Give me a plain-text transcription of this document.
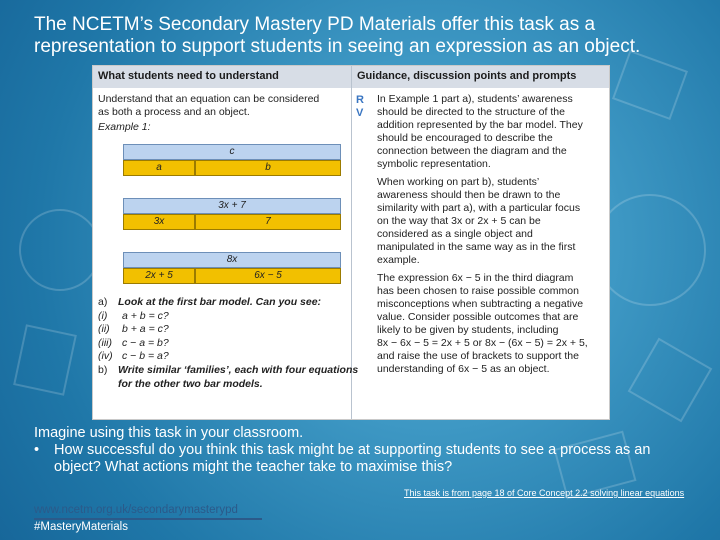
The NCETM’s Secondary Mastery PD Materials offer this task as a
representation to support students in seeing an expression as an object.
What students need to understand	Guidance, discussion points and prompts
Understand that an equation can be considered
as both a process and an object.
Example 1:
c
a	b
3x + 7
3x	7
8x
2x + 5	6x − 5
a) Look at the first bar model. Can you see:
(i) a + b = c?
(ii) b + a = c?
(iii) c − a = b?
(iv) c − b = a?
b) Write similar ‘families’, each with four equations
for the other two bar models.
R
V
In Example 1 part a), students’ awareness
should be directed to the structure of the
addition represented by the bar model. They
should be encouraged to describe the
connection between the diagram and the
symbolic representation.
When working on part b), students’
awareness should then be drawn to the
similarity with part a), with a particular focus
on the way that 3x or 2x + 5 can be
considered as a single object and
manipulated in the same way as in the first
example.
The expression 6x − 5 in the third diagram
has been chosen to raise possible common
misconceptions when subtracting a negative
value. Consider possible outcomes that are
likely to be given by students, including
8x − 6x − 5 = 2x + 5 or 8x − (6x − 5) = 2x + 5,
and raise the use of brackets to support the
understanding of 6x − 5 as an object.
Imagine using this task in your classroom.
• How successful do you think this task might be at supporting students to see a process as an
object? What actions might the teacher take to maximise this?
This task is from page 18 of Core Concept 2.2 solving linear equations
www.ncetm.org.uk/secondarymasterypd
#MasteryMaterials
